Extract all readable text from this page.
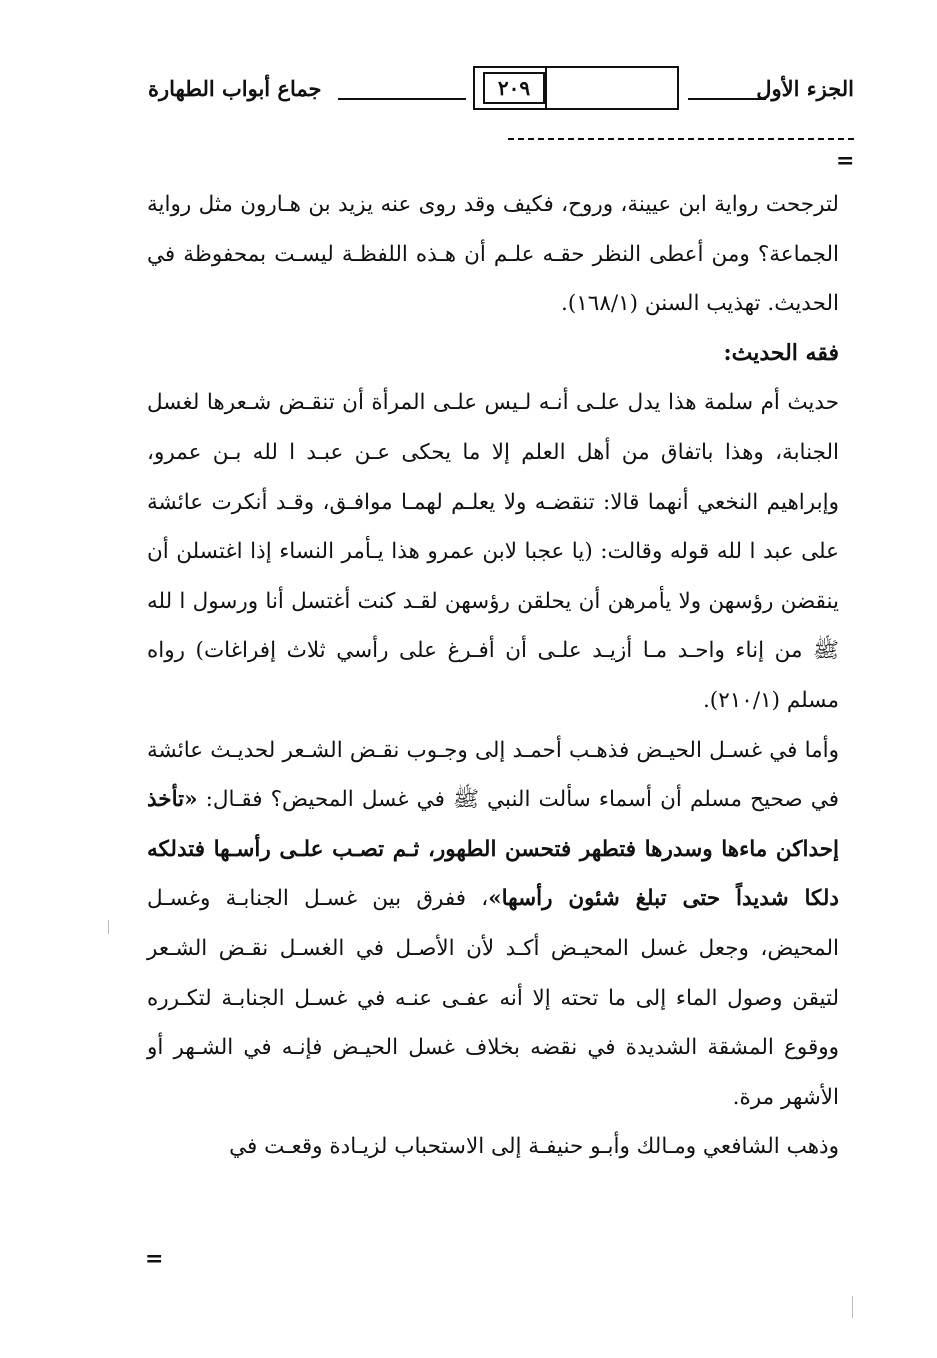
الجزء الأول
٢٠٩
جماع أبواب الطهارة
=

لترجحت رواية ابن عيينة، وروح، فكيف وقد روى عنه يزيد بن هـارون مثل رواية الجماعة؟ ومن أعطى النظر حقـه علـم أن هـذه اللفظـة ليسـت بمحفوظة في الحديث. تهذيب السنن (١٦٨/١).

فقه الحديث:

حديث أم سلمة هذا يدل علـى أنـه لـيس علـى المرأة أن تنقـض شـعرها لغسل الجنابة، وهذا باتفاق من أهل العلم إلا ما يحكى عـن عبـد ا لله بـن عمرو، وإبراهيم النخعي أنهما قالا: تنقضـه ولا يعلـم لهمـا موافـق، وقـد أنكرت عائشة على عبد ا لله قوله وقالت: (يا عجبا لابن عمرو هذا يـأمر النساء إذا اغتسلن أن ينقضن رؤسهن ولا يأمرهن أن يحلقن رؤسهن لقـد كنت أغتسل أنا ورسول ا لله ﷺ من إناء واحـد مـا أزيـد علـى أن أفـرغ على رأسي ثلاث إفراغات) رواه مسلم (٢١٠/١).

وأما في غسـل الحيـض فذهـب أحمـد إلى وجـوب نقـض الشـعر لحديـث عائشة في صحيح مسلم أن أسماء سألت النبي ﷺ في غسل المحيض؟ فقـال: «تأخذ إحداكن ماءها وسدرها فتطهر فتحسن الطهور، ثـم تصـب علـى رأسـها فتدلكه دلكا شديداً حتى تبلغ شئون رأسها»، ففرق بين غسـل الجنابـة وغسـل المحيض، وجعل غسل المحيـض أكـد لأن الأصـل في الغسـل نقـض الشـعر لتيقن وصول الماء إلى ما تحته إلا أنه عفـى عنـه في غسـل الجنابـة لتكـرره ووقوع المشقة الشديدة في نقضه بخلاف غسل الحيـض فإنـه في الشـهر أو الأشهر مرة.

وذهب الشافعي ومـالك وأبـو حنيفـة إلى الاستحباب لزيـادة وقعـت في

=
